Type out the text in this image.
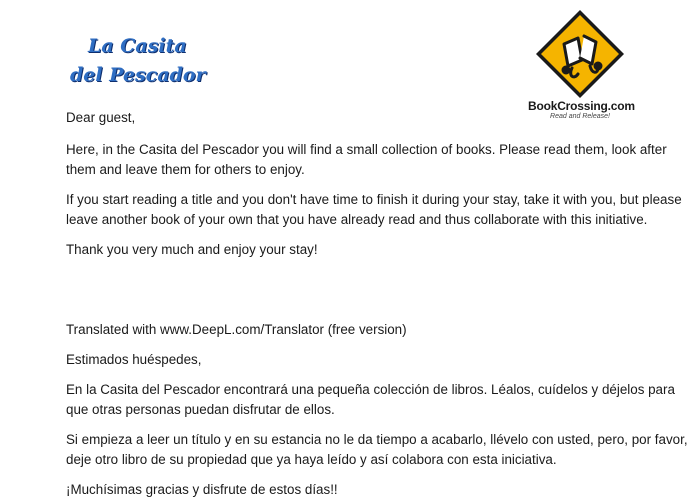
La Casita
del Pescador
BookCrossing.com
Read and Release!

Dear guest,

Here, in the Casita del Pescador you will find a small collection of books. Please read them, look after them and leave them for others to enjoy.

If you start reading a title and you don't have time to finish it during your stay, take it with you, but please leave another book of your own that you have already read and thus collaborate with this initiative.

Thank you very much and enjoy your stay!

Translated with www.DeepL.com/Translator (free version)

Estimados huéspedes,

En la Casita del Pescador encontrará una pequeña colección de libros. Léalos, cuídelos y déjelos para que otras personas puedan disfrutar de ellos.

Si empieza a leer un título y en su estancia no le da tiempo a acabarlo, llévelo con usted, pero, por favor, deje otro libro de su propiedad que ya haya leído y así colabora con esta iniciativa.

¡Muchísimas gracias y disfrute de estos días!!
